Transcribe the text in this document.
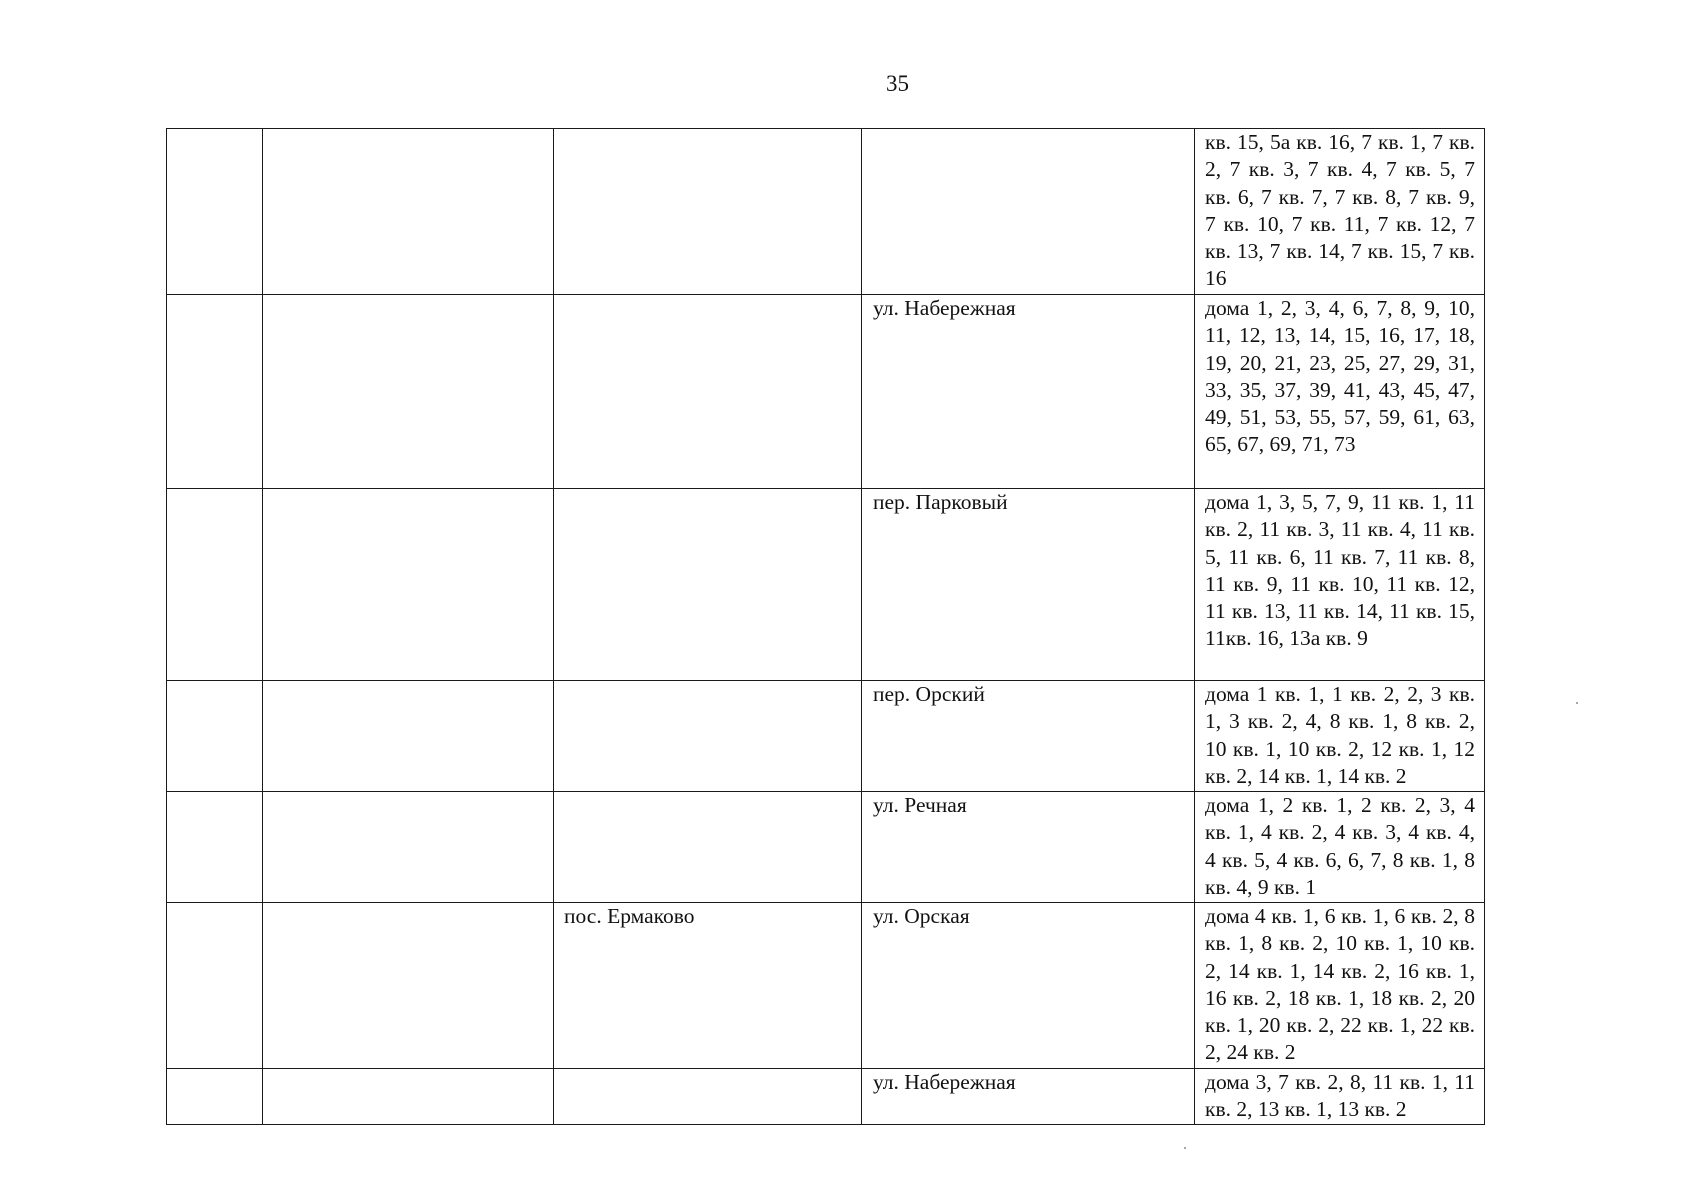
35

				кв. 15, 5а кв. 16, 7 кв. 1, 7 кв. 2, 7 кв. 3, 7 кв. 4, 7 кв. 5, 7 кв. 6, 7 кв. 7, 7 кв. 8, 7 кв. 9, 7 кв. 10, 7 кв. 11, 7 кв. 12, 7 кв. 13, 7 кв. 14, 7 кв. 15, 7 кв. 16

			ул. Набережная	дома 1, 2, 3, 4, 6, 7, 8, 9, 10, 11, 12, 13, 14, 15, 16, 17, 18, 19, 20, 21, 23, 25, 27, 29, 31, 33, 35, 37, 39, 41, 43, 45, 47, 49, 51, 53, 55, 57, 59, 61, 63, 65, 67, 69, 71, 73

			пер. Парковый	дома 1, 3, 5, 7, 9, 11 кв. 1, 11 кв. 2, 11 кв. 3, 11 кв. 4, 11 кв. 5, 11 кв. 6, 11 кв. 7, 11 кв. 8, 11 кв. 9, 11 кв. 10, 11 кв. 12, 11 кв. 13, 11 кв. 14, 11 кв. 15, 11кв. 16, 13а кв. 9

			пер. Орский	дома 1 кв. 1, 1 кв. 2, 2, 3 кв. 1, 3 кв. 2, 4, 8 кв. 1, 8 кв. 2, 10 кв. 1, 10 кв. 2, 12 кв. 1, 12 кв. 2, 14 кв. 1, 14 кв. 2

			ул. Речная	дома 1, 2 кв. 1, 2 кв. 2, 3, 4 кв. 1, 4 кв. 2, 4 кв. 3, 4 кв. 4, 4 кв. 5, 4 кв. 6, 6, 7, 8 кв. 1, 8 кв. 4, 9 кв. 1

		пос. Ермаково	ул. Орская	дома 4 кв. 1, 6 кв. 1, 6 кв. 2, 8 кв. 1, 8 кв. 2, 10 кв. 1, 10 кв. 2, 14 кв. 1, 14 кв. 2, 16 кв. 1, 16 кв. 2, 18 кв. 1, 18 кв. 2, 20 кв. 1, 20 кв. 2, 22 кв. 1, 22 кв. 2, 24 кв. 2

			ул. Набережная	дома 3, 7 кв. 2, 8, 11 кв. 1, 11 кв. 2, 13 кв. 1, 13 кв. 2
